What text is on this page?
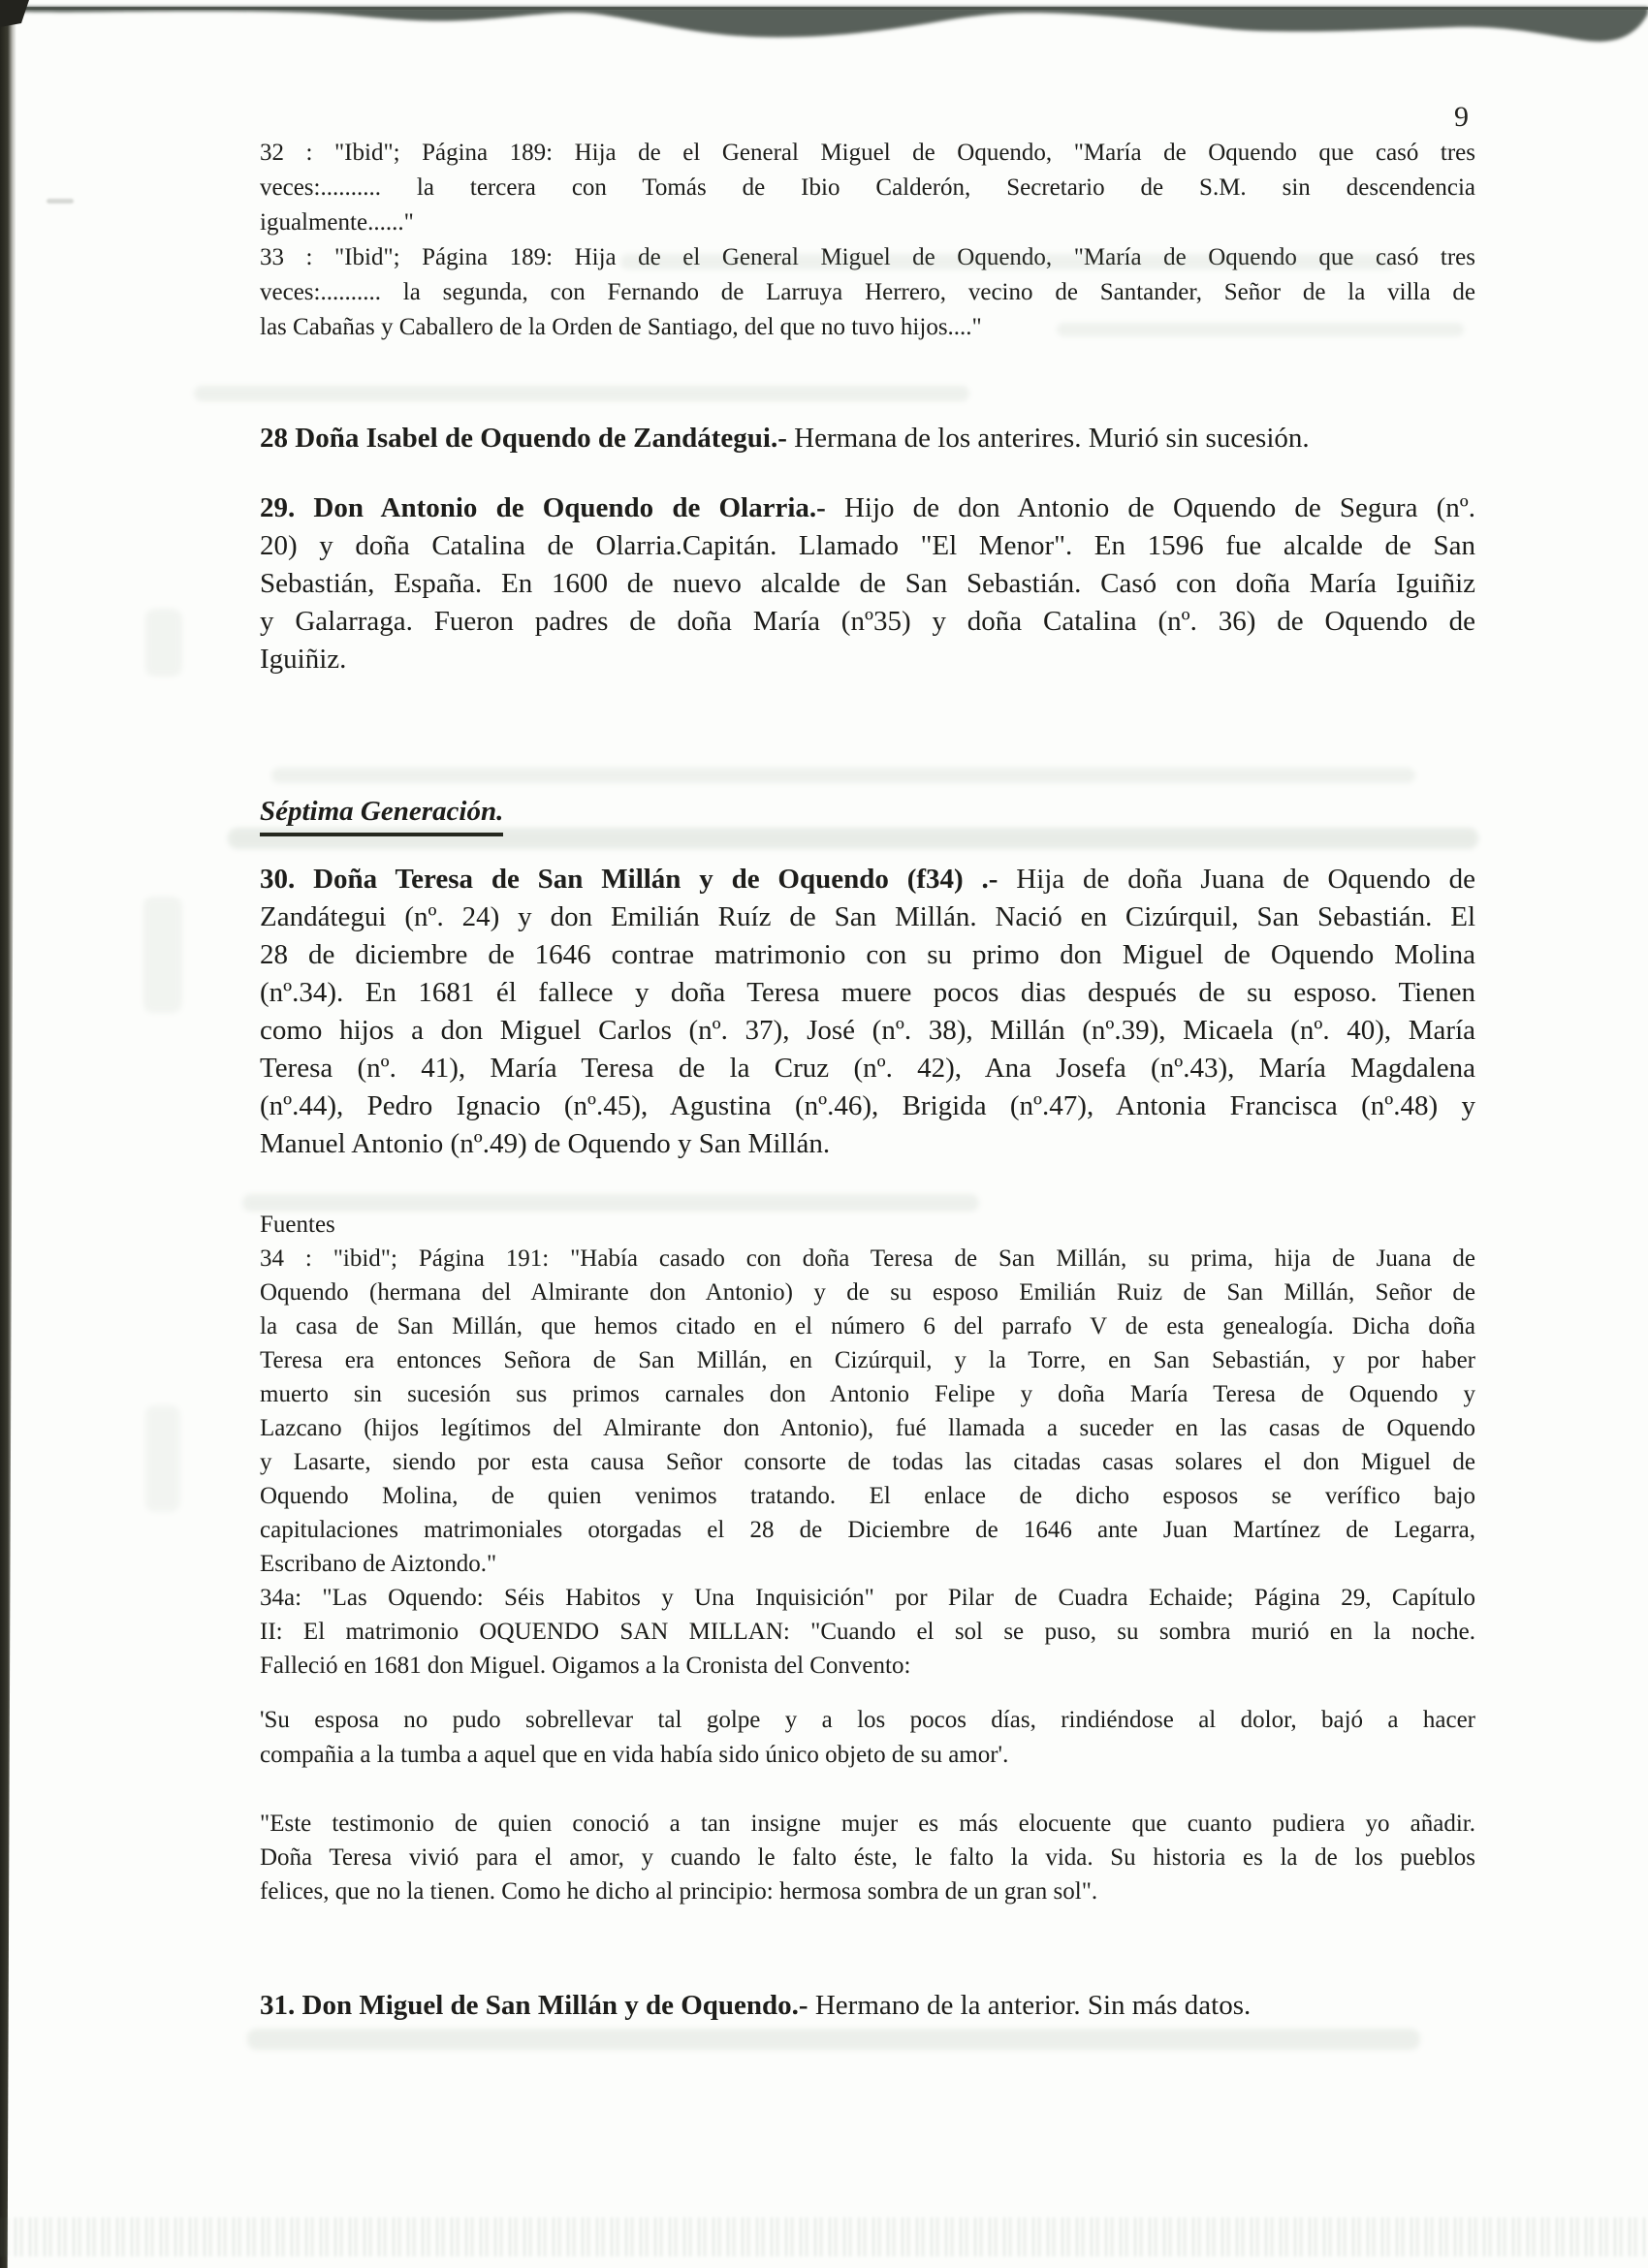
32 : "Ibid"; Página 189: Hija de el General Miguel de Oquendo, "María de Oquendo que casó tres
veces:.......... la tercera con Tomás de Ibio Calderón, Secretario de S.M. sin descendencia
igualmente......"
33 : "Ibid"; Página 189: Hija de el General Miguel de Oquendo, "María de Oquendo que casó tres
veces:.......... la segunda, con Fernando de Larruya Herrero, vecino de Santander, Señor de la villa de
las Cabañas y Caballero de la Orden de Santiago, del que no tuvo hijos...."
28 Doña Isabel de Oquendo de Zandátegui.- Hermana de los anterires. Murió sin sucesión.
29. Don Antonio de Oquendo de Olarria.- Hijo de don Antonio de Oquendo de Segura (nº.
20) y doña Catalina de Olarria.Capitán. Llamado "El Menor". En 1596 fue alcalde de San
Sebastián, España. En 1600 de nuevo alcalde de San Sebastián. Casó con doña María Iguiñiz
y Galarraga. Fueron padres de doña María (nº35) y doña Catalina (nº. 36) de Oquendo de
Iguiñiz.
Séptima Generación.
30. Doña Teresa de San Millán y de Oquendo (f34) .- Hija de doña Juana de Oquendo de
Zandátegui (nº. 24) y don Emilián Ruíz de San Millán. Nació en Cizúrquil, San Sebastián. El
28 de diciembre de 1646 contrae matrimonio con su primo don Miguel de Oquendo Molina
(nº.34). En 1681 él fallece y doña Teresa muere pocos dias después de su esposo. Tienen
como hijos a don Miguel Carlos (nº. 37), José (nº. 38), Millán (nº.39), Micaela (nº. 40), María
Teresa (nº. 41), María Teresa de la Cruz (nº. 42), Ana Josefa (nº.43), María Magdalena
(nº.44), Pedro Ignacio (nº.45), Agustina (nº.46), Brigida (nº.47), Antonia Francisca (nº.48) y
Manuel Antonio (nº.49) de Oquendo y San Millán.
Fuentes
34 : "ibid"; Página 191: "Había casado con doña Teresa de San Millán, su prima, hija de Juana de
Oquendo (hermana del Almirante don Antonio) y de su esposo Emilián Ruiz de San Millán, Señor de
la casa de San Millán, que hemos citado en el número 6 del parrafo V de esta genealogía. Dicha doña
Teresa era entonces Señora de San Millán, en Cizúrquil, y la Torre, en San Sebastián, y por haber
muerto sin sucesión sus primos carnales don Antonio Felipe y doña María Teresa de Oquendo y
Lazcano (hijos legítimos del Almirante don Antonio), fué llamada a suceder en las casas de Oquendo
y Lasarte, siendo por esta causa Señor consorte de todas las citadas casas solares el don Miguel de
Oquendo Molina, de quien venimos tratando. El enlace de dicho esposos se verífico bajo
capitulaciones matrimoniales otorgadas el 28 de Diciembre de 1646 ante Juan Martínez de Legarra,
Escribano de Aiztondo."
34a: "Las Oquendo: Séis Habitos y Una Inquisición" por Pilar de Cuadra Echaide; Página 29, Capítulo
II: El matrimonio OQUENDO SAN MILLAN: "Cuando el sol se puso, su sombra murió en la noche.
Falleció en 1681 don Miguel. Oigamos a la Cronista del Convento:
'Su esposa no pudo sobrellevar tal golpe y a los pocos días, rindiéndose al dolor, bajó a hacer
compañia a la tumba a aquel que en vida había sido único objeto de su amor'.
"Este testimonio de quien conoció a tan insigne mujer es más elocuente que cuanto pudiera yo añadir.
Doña Teresa vivió para el amor, y cuando le falto éste, le falto la vida. Su historia es la de los pueblos
felices, que no la tienen. Como he dicho al principio: hermosa sombra de un gran sol".
31. Don Miguel de San Millán y de Oquendo.- Hermano de la anterior. Sin más datos.
9
